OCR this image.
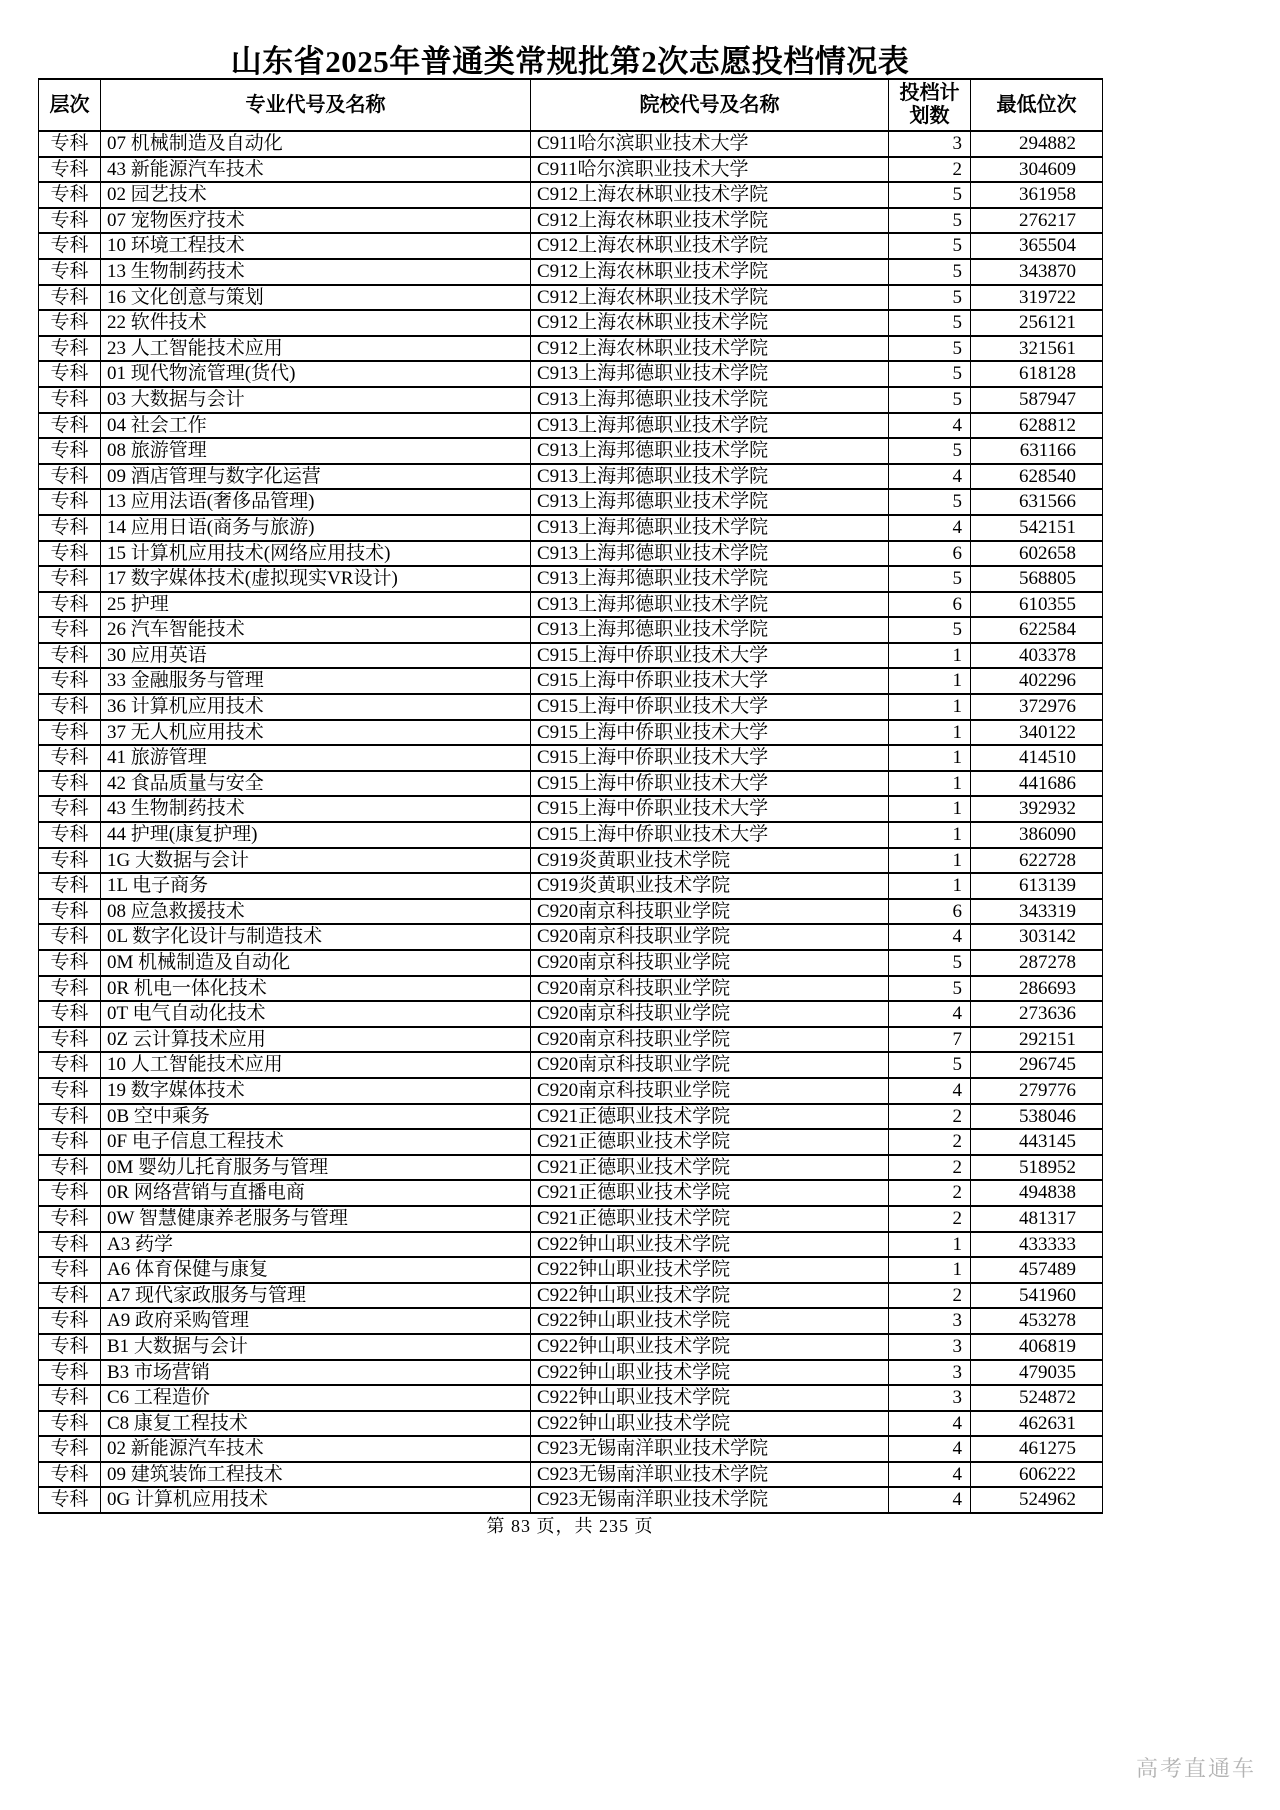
山东省2025年普通类常规批第2次志愿投档情况表
层次	专业代号及名称	院校代号及名称	投档计划数	最低位次
专科	07 机械制造及自动化	C911哈尔滨职业技术大学	3	294882
专科	43 新能源汽车技术	C911哈尔滨职业技术大学	2	304609
专科	02 园艺技术	C912上海农林职业技术学院	5	361958
专科	07 宠物医疗技术	C912上海农林职业技术学院	5	276217
专科	10 环境工程技术	C912上海农林职业技术学院	5	365504
专科	13 生物制药技术	C912上海农林职业技术学院	5	343870
专科	16 文化创意与策划	C912上海农林职业技术学院	5	319722
专科	22 软件技术	C912上海农林职业技术学院	5	256121
专科	23 人工智能技术应用	C912上海农林职业技术学院	5	321561
专科	01 现代物流管理(货代)	C913上海邦德职业技术学院	5	618128
专科	03 大数据与会计	C913上海邦德职业技术学院	5	587947
专科	04 社会工作	C913上海邦德职业技术学院	4	628812
专科	08 旅游管理	C913上海邦德职业技术学院	5	631166
专科	09 酒店管理与数字化运营	C913上海邦德职业技术学院	4	628540
专科	13 应用法语(奢侈品管理)	C913上海邦德职业技术学院	5	631566
专科	14 应用日语(商务与旅游)	C913上海邦德职业技术学院	4	542151
专科	15 计算机应用技术(网络应用技术)	C913上海邦德职业技术学院	6	602658
专科	17 数字媒体技术(虚拟现实VR设计)	C913上海邦德职业技术学院	5	568805
专科	25 护理	C913上海邦德职业技术学院	6	610355
专科	26 汽车智能技术	C913上海邦德职业技术学院	5	622584
专科	30 应用英语	C915上海中侨职业技术大学	1	403378
专科	33 金融服务与管理	C915上海中侨职业技术大学	1	402296
专科	36 计算机应用技术	C915上海中侨职业技术大学	1	372976
专科	37 无人机应用技术	C915上海中侨职业技术大学	1	340122
专科	41 旅游管理	C915上海中侨职业技术大学	1	414510
专科	42 食品质量与安全	C915上海中侨职业技术大学	1	441686
专科	43 生物制药技术	C915上海中侨职业技术大学	1	392932
专科	44 护理(康复护理)	C915上海中侨职业技术大学	1	386090
专科	1G 大数据与会计	C919炎黄职业技术学院	1	622728
专科	1L 电子商务	C919炎黄职业技术学院	1	613139
专科	08 应急救援技术	C920南京科技职业学院	6	343319
专科	0L 数字化设计与制造技术	C920南京科技职业学院	4	303142
专科	0M 机械制造及自动化	C920南京科技职业学院	5	287278
专科	0R 机电一体化技术	C920南京科技职业学院	5	286693
专科	0T 电气自动化技术	C920南京科技职业学院	4	273636
专科	0Z 云计算技术应用	C920南京科技职业学院	7	292151
专科	10 人工智能技术应用	C920南京科技职业学院	5	296745
专科	19 数字媒体技术	C920南京科技职业学院	4	279776
专科	0B 空中乘务	C921正德职业技术学院	2	538046
专科	0F 电子信息工程技术	C921正德职业技术学院	2	443145
专科	0M 婴幼儿托育服务与管理	C921正德职业技术学院	2	518952
专科	0R 网络营销与直播电商	C921正德职业技术学院	2	494838
专科	0W 智慧健康养老服务与管理	C921正德职业技术学院	2	481317
专科	A3 药学	C922钟山职业技术学院	1	433333
专科	A6 体育保健与康复	C922钟山职业技术学院	1	457489
专科	A7 现代家政服务与管理	C922钟山职业技术学院	2	541960
专科	A9 政府采购管理	C922钟山职业技术学院	3	453278
专科	B1 大数据与会计	C922钟山职业技术学院	3	406819
专科	B3 市场营销	C922钟山职业技术学院	3	479035
专科	C6 工程造价	C922钟山职业技术学院	3	524872
专科	C8 康复工程技术	C922钟山职业技术学院	4	462631
专科	02 新能源汽车技术	C923无锡南洋职业技术学院	4	461275
专科	09 建筑装饰工程技术	C923无锡南洋职业技术学院	4	606222
专科	0G 计算机应用技术	C923无锡南洋职业技术学院	4	524962
第 83 页，共 235 页
高考直通车
